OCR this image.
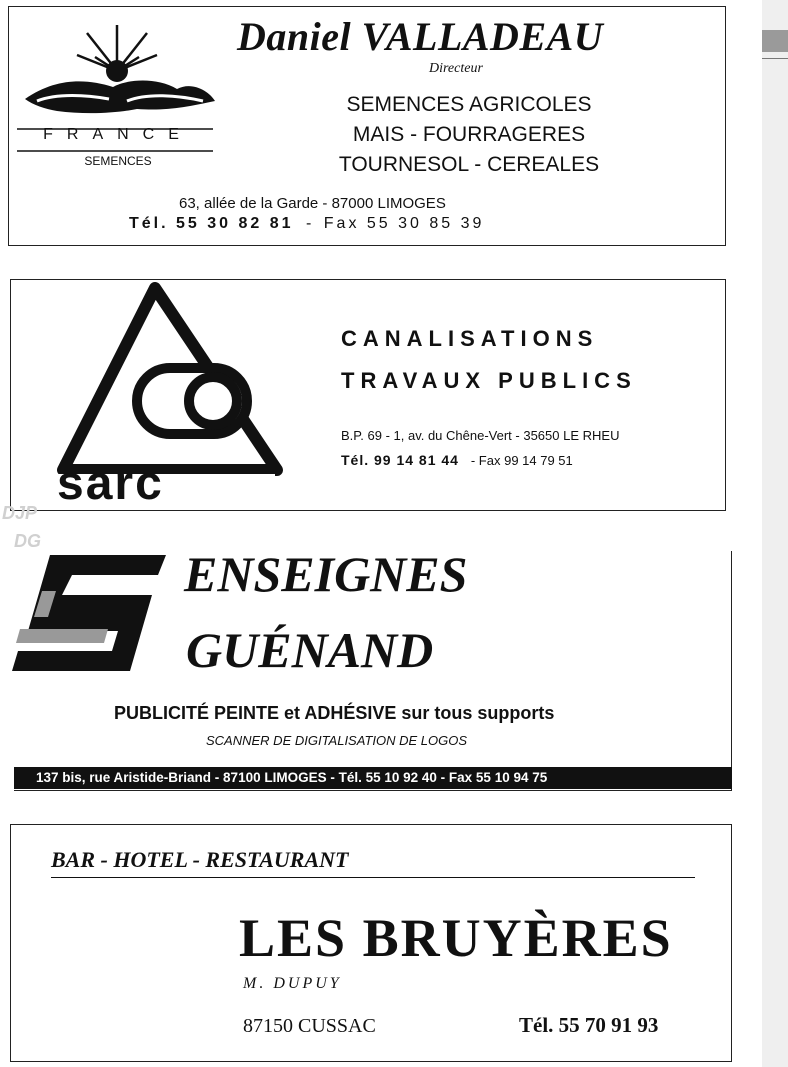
FRANCE
SEMENCES
Daniel VALLADEAU
Directeur
SEMENCES AGRICOLES
MAIS - FOURRAGERES
TOURNESOL - CEREALES
63, allée de la Garde - 87000 LIMOGES
Tél. 55 30 82 81 - Fax 55 30 85 39
sarc
CANALISATIONS
TRAVAUX PUBLICS
B.P. 69 - 1, av. du Chêne-Vert - 35650 LE RHEU
Tél. 99 14 81 44 - Fax 99 14 79 51
ENSEIGNES
GUÉNAND
PUBLICITÉ PEINTE et ADHÉSIVE sur tous supports
SCANNER DE DIGITALISATION DE LOGOS
137 bis, rue Aristide-Briand - 87100 LIMOGES - Tél. 55 10 92 40 - Fax 55 10 94 75
BAR - HOTEL - RESTAURANT
LES BRUYÈRES
M. DUPUY
87150 CUSSAC	Tél. 55 70 91 93
DJP
DG
